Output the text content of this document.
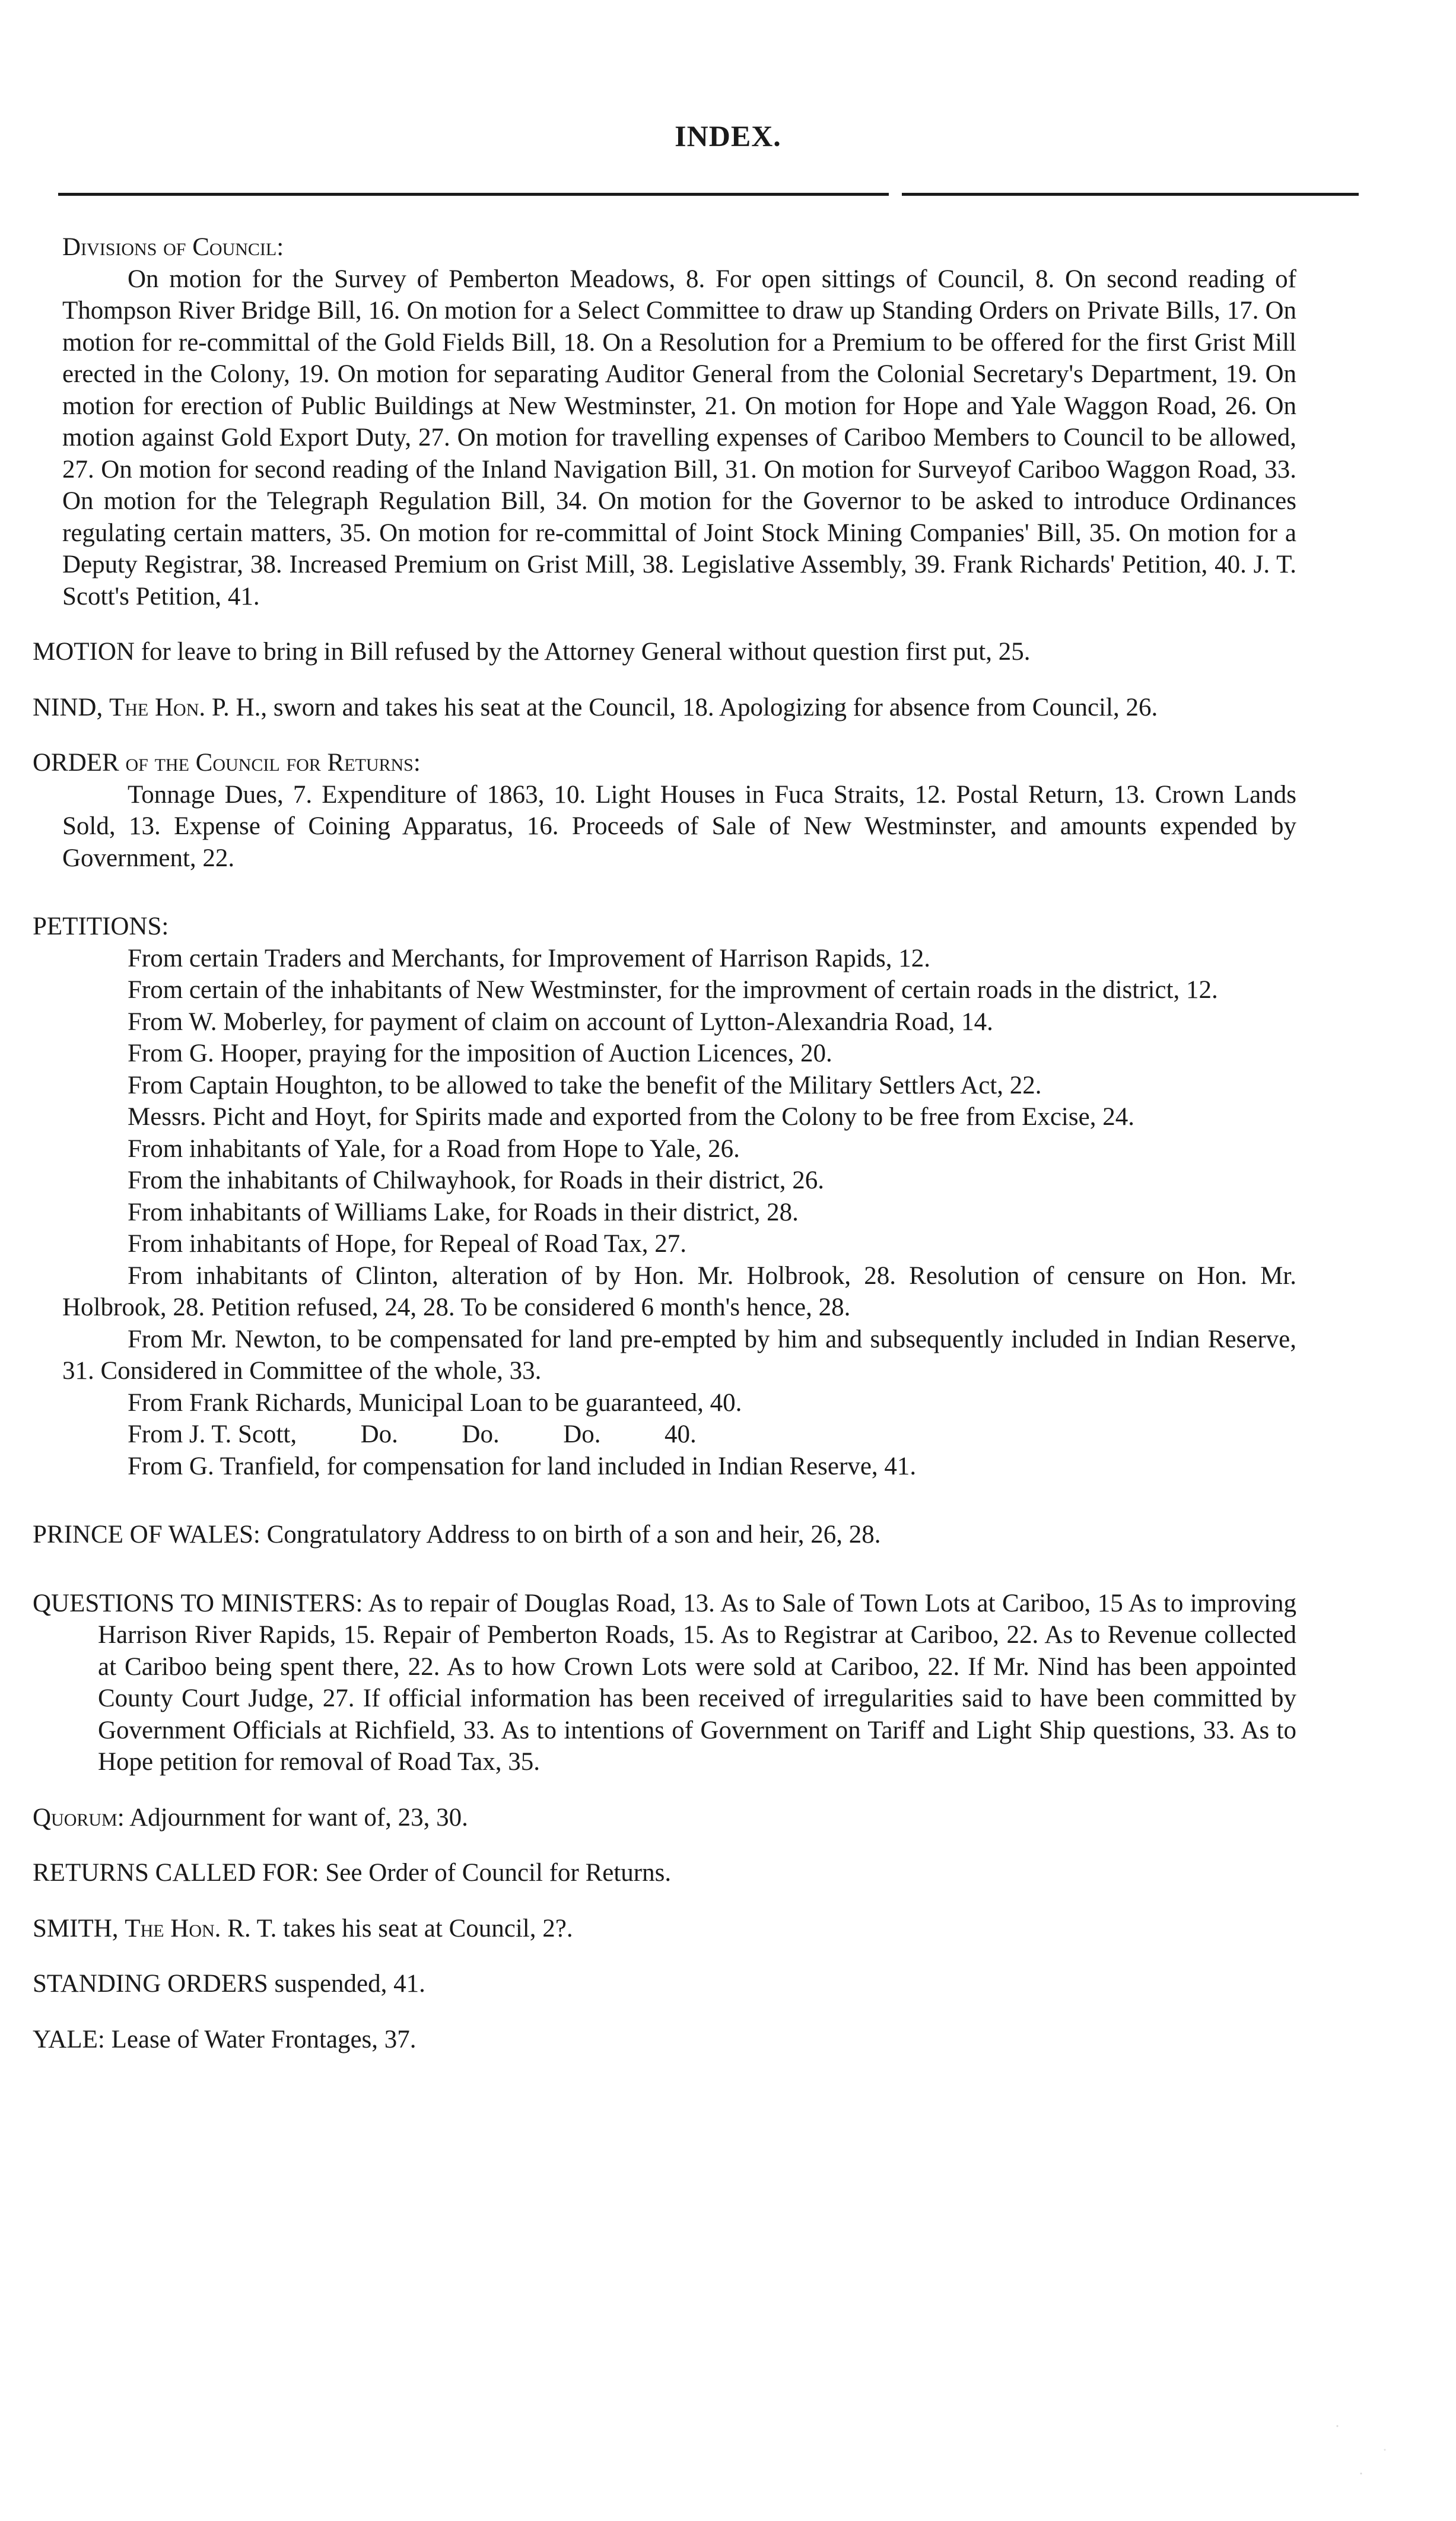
INDEX.
Divisions of Council:

On motion for the Survey of Pemberton Meadows, 8. For open sittings of Council, 8. On second reading of Thompson River Bridge Bill, 16. On motion for a Select Committee to draw up Standing Orders on Private Bills, 17. On motion for re-committal of the Gold Fields Bill, 18. On a Resolution for a Premium to be offered for the first Grist Mill erected in the Colony, 19. On motion for separating Auditor General from the Colonial Secretary's Department, 19. On motion for erection of Public Buildings at New Westminster, 21. On motion for Hope and Yale Waggon Road, 26. On motion against Gold Export Duty, 27. On motion for travelling expenses of Cariboo Members to Council to be allowed, 27. On motion for second reading of the Inland Navigation Bill, 31. On motion for Surveyof Cariboo Waggon Road, 33. On motion for the Telegraph Regulation Bill, 34. On motion for the Governor to be asked to introduce Ordinances regulating certain matters, 35. On motion for re-committal of Joint Stock Mining Companies' Bill, 35. On motion for a Deputy Registrar, 38. Increased Premium on Grist Mill, 38. Legislative Assembly, 39. Frank Richards' Petition, 40. J. T. Scott's Petition, 41.

MOTION for leave to bring in Bill refused by the Attorney General without question first put, 25.

NIND, The Hon. P. H., sworn and takes his seat at the Council, 18. Apologizing for absence from Council, 26.

ORDER of the Council for Returns:

Tonnage Dues, 7. Expenditure of 1863, 10. Light Houses in Fuca Straits, 12. Postal Return, 13. Crown Lands Sold, 13. Expense of Coining Apparatus, 16. Proceeds of Sale of New Westminster, and amounts expended by Government, 22.

PETITIONS:

From certain Traders and Merchants, for Improvement of Harrison Rapids, 12.

From certain of the inhabitants of New Westminster, for the improvment of certain roads in the district, 12.

From W. Moberley, for payment of claim on account of Lytton-Alexandria Road, 14.

From G. Hooper, praying for the imposition of Auction Licences, 20.

From Captain Houghton, to be allowed to take the benefit of the Military Settlers Act, 22.

Messrs. Picht and Hoyt, for Spirits made and exported from the Colony to be free from Excise, 24.

From inhabitants of Yale, for a Road from Hope to Yale, 26.

From the inhabitants of Chilwayhook, for Roads in their district, 26.

From inhabitants of Williams Lake, for Roads in their district, 28.

From inhabitants of Hope, for Repeal of Road Tax, 27.

From inhabitants of Clinton, alteration of by Hon. Mr. Holbrook, 28. Resolution of censure on Hon. Mr. Holbrook, 28. Petition refused, 24, 28. To be considered 6 month's hence, 28.

From Mr. Newton, to be compensated for land pre-empted by him and subsequently included in Indian Reserve, 31. Considered in Committee of the whole, 33.

From Frank Richards, Municipal Loan to be guaranteed, 40.

From J. T. Scott,          Do.          Do.          Do.          40.

From G. Tranfield, for compensation for land included in Indian Reserve, 41.

PRINCE OF WALES: Congratulatory Address to on birth of a son and heir, 26, 28.

QUESTIONS TO MINISTERS: As to repair of Douglas Road, 13. As to Sale of Town Lots at Cariboo, 15 As to improving Harrison River Rapids, 15. Repair of Pemberton Roads, 15. As to Registrar at Cariboo, 22. As to Revenue collected at Cariboo being spent there, 22. As to how Crown Lots were sold at Cariboo, 22. If Mr. Nind has been appointed County Court Judge, 27. If official information has been received of irregularities said to have been committed by Government Officials at Richfield, 33. As to intentions of Government on Tariff and Light Ship questions, 33. As to Hope petition for removal of Road Tax, 35.

Quorum: Adjournment for want of, 23, 30.

RETURNS CALLED FOR: See Order of Council for Returns.

SMITH, The Hon. R. T. takes his seat at Council, 2?.

STANDING ORDERS suspended, 41.

YALE: Lease of Water Frontages, 37.
